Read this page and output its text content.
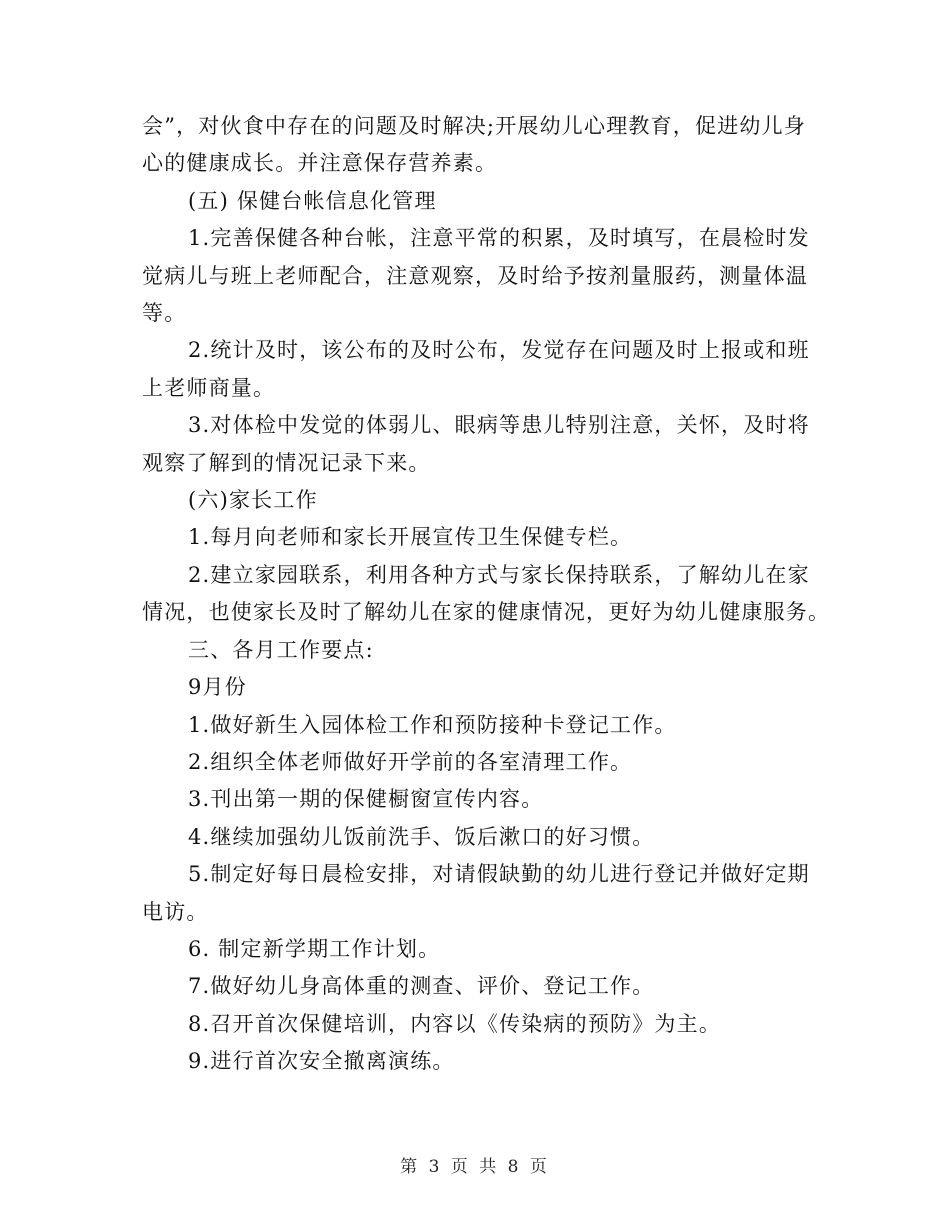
会”，对伙食中存在的问题及时解决;开展幼儿心理教育，促进幼儿身

心的健康成长。并注意保存营养素。

(五) 保健台帐信息化管理

1.完善保健各种台帐，注意平常的积累，及时填写，在晨检时发

觉病儿与班上老师配合，注意观察，及时给予按剂量服药，测量体温

等。

2.统计及时，该公布的及时公布，发觉存在问题及时上报或和班

上老师商量。

3.对体检中发觉的体弱儿、眼病等患儿特别注意，关怀，及时将

观察了解到的情况记录下来。

(六)家长工作

1.每月向老师和家长开展宣传卫生保健专栏。

2.建立家园联系，利用各种方式与家长保持联系，了解幼儿在家

情况，也使家长及时了解幼儿在家的健康情况，更好为幼儿健康服务。

三、各月工作要点:

9月份

1.做好新生入园体检工作和预防接种卡登记工作。

2.组织全体老师做好开学前的各室清理工作。

3.刊出第一期的保健橱窗宣传内容。

4.继续加强幼儿饭前洗手、饭后漱口的好习惯。

5.制定好每日晨检安排，对请假缺勤的幼儿进行登记并做好定期

电访。

6. 制定新学期工作计划。

7.做好幼儿身高体重的测查、评价、登记工作。

8.召开首次保健培训，内容以《传染病的预防》为主。

9.进行首次安全撤离演练。

第 3 页 共 8 页
